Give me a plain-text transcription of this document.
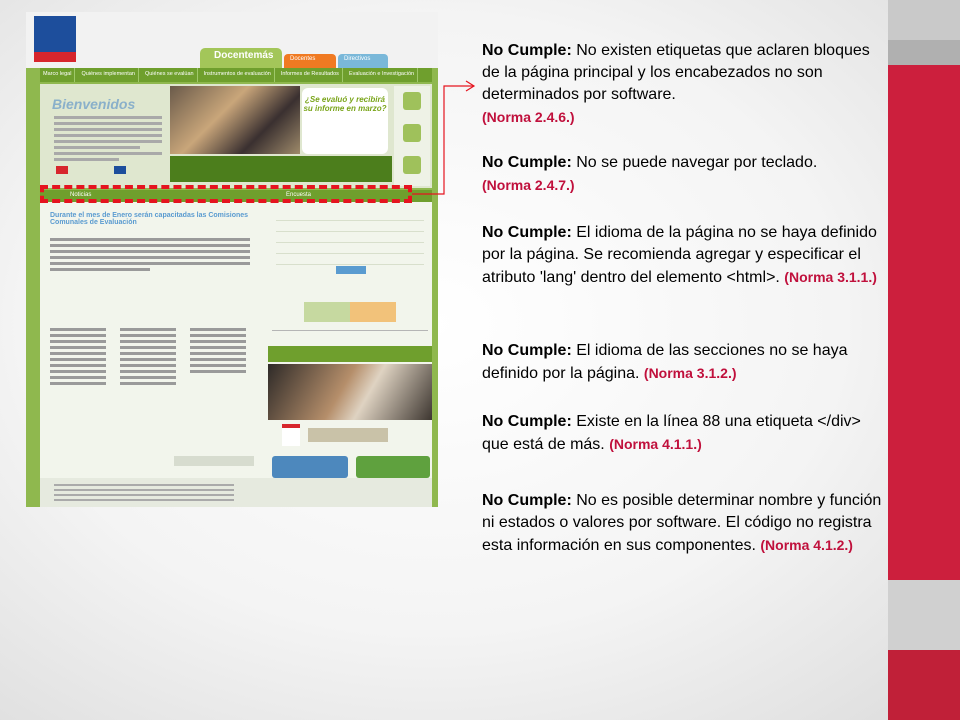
Docentemás	Docentes	Directivos
Marco legal	Quiénes implementan	Quiénes se evalúan	Instrumentos de evaluación	Informes de Resultados	Evaluación e Investigación
Bienvenidos	¿Se evaluó y recibirá su informe en marzo?
Noticias	Encuesta
Durante el mes de Enero serán capacitadas las Comisiones Comunales de Evaluación

No Cumple: No existen etiquetas que aclaren bloques de la página principal y los encabezados no son determinados por software.
(Norma 2.4.6.)
No Cumple: No se puede navegar por teclado.
(Norma 2.4.7.)
No Cumple: El idioma de la página no se haya definido por la página. Se recomienda agregar y especificar el atributo 'lang' dentro del elemento <html>. (Norma 3.1.1.)
No Cumple: El idioma de las secciones no se haya definido por la página. (Norma 3.1.2.)
No Cumple: Existe en la línea 88 una etiqueta </div> que está de más. (Norma 4.1.1.)
No Cumple: No es posible determinar nombre y función ni estados o valores por software. El código no registra esta información en sus componentes. (Norma 4.1.2.)
